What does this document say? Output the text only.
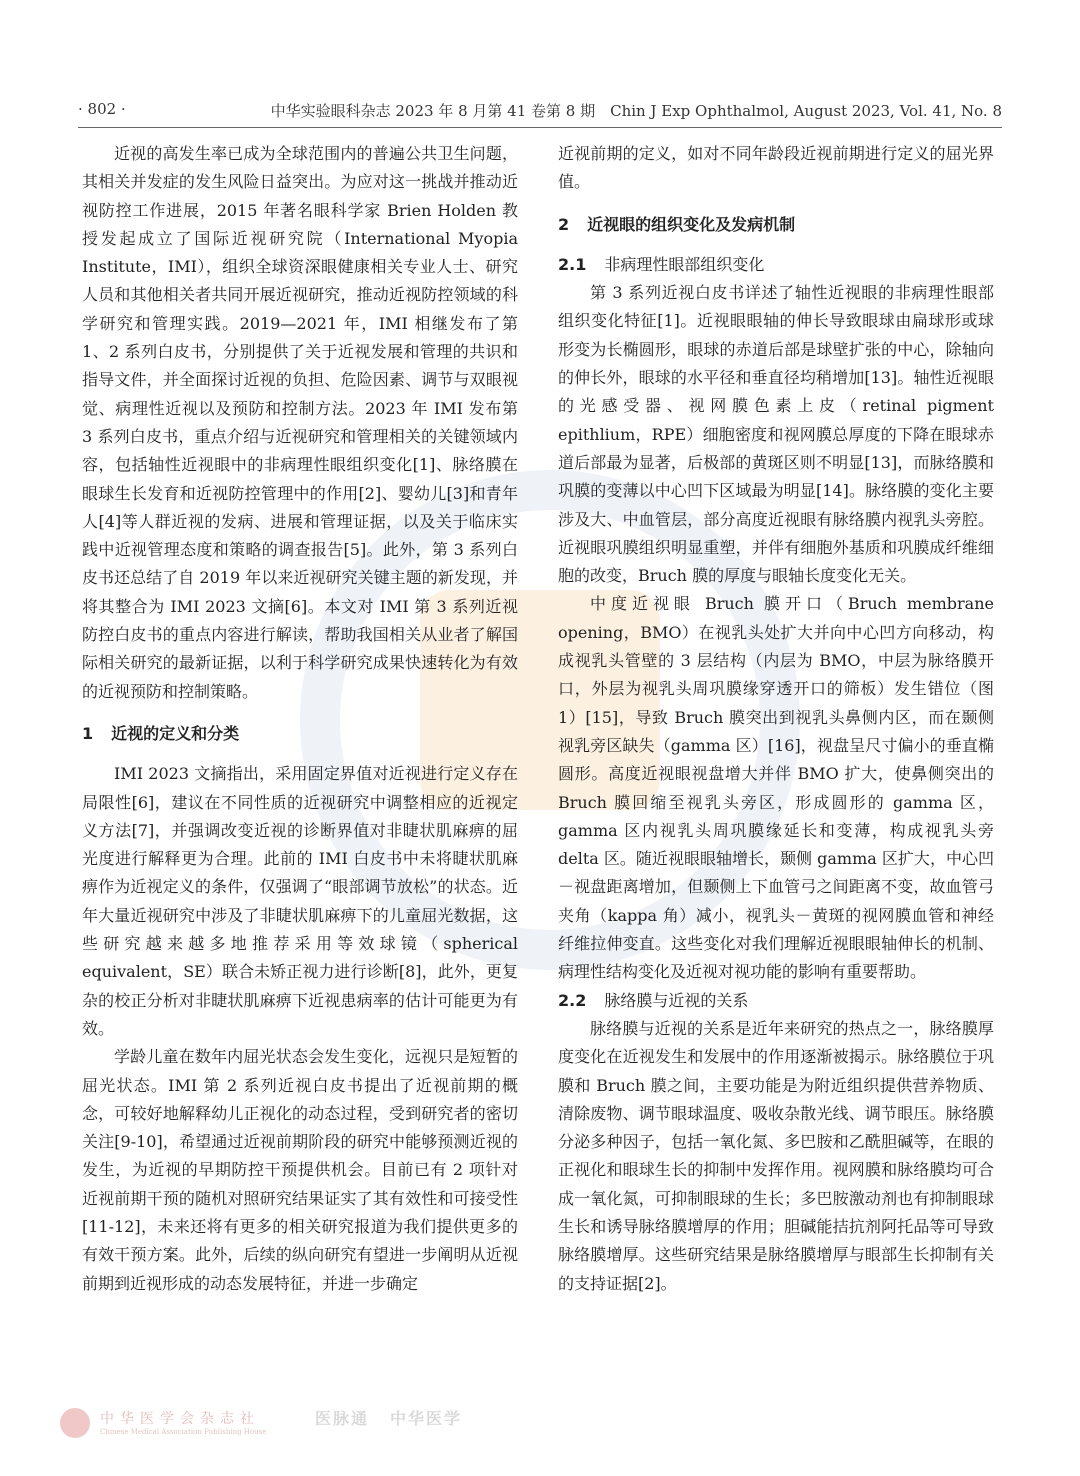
· 802 ·	中华实验眼科杂志 2023 年 8 月第 41 卷第 8 期　Chin J Exp Ophthalmol, August 2023, Vol. 41, No. 8

近视的高发生率已成为全球范围内的普遍公共卫生问题，其相关并发症的发生风险日益突出。为应对这一挑战并推动近视防控工作进展，2015 年著名眼科学家 Brien Holden 教授发起成立了国际近视研究院（International Myopia Institute，IMI），组织全球资深眼健康相关专业人士、研究人员和其他相关者共同开展近视研究，推动近视防控领域的科学研究和管理实践。2019—2021 年，IMI 相继发布了第 1、2 系列白皮书，分别提供了关于近视发展和管理的共识和指导文件，并全面探讨近视的负担、危险因素、调节与双眼视觉、病理性近视以及预防和控制方法。2023 年 IMI 发布第 3 系列白皮书，重点介绍与近视研究和管理相关的关键领域内容，包括轴性近视眼中的非病理性眼组织变化[1]、脉络膜在眼球生长发育和近视防控管理中的作用[2]、婴幼儿[3]和青年人[4]等人群近视的发病、进展和管理证据，以及关于临床实践中近视管理态度和策略的调查报告[5]。此外，第 3 系列白皮书还总结了自 2019 年以来近视研究关键主题的新发现，并将其整合为 IMI 2023 文摘[6]。本文对 IMI 第 3 系列近视防控白皮书的重点内容进行解读，帮助我国相关从业者了解国际相关研究的最新证据，以利于科学研究成果快速转化为有效的近视预防和控制策略。

1 近视的定义和分类

IMI 2023 文摘指出，采用固定界值对近视进行定义存在局限性[6]，建议在不同性质的近视研究中调整相应的近视定义方法[7]，并强调改变近视的诊断界值对非睫状肌麻痹的屈光度进行解释更为合理。此前的 IMI 白皮书中未将睫状肌麻痹作为近视定义的条件，仅强调了“眼部调节放松”的状态。近年大量近视研究中涉及了非睫状肌麻痹下的儿童屈光数据，这些研究越来越多地推荐采用等效球镜（spherical equivalent，SE）联合未矫正视力进行诊断[8]，此外，更复杂的校正分析对非睫状肌麻痹下近视患病率的估计可能更为有效。

学龄儿童在数年内屈光状态会发生变化，远视只是短暂的屈光状态。IMI 第 2 系列近视白皮书提出了近视前期的概念，可较好地解释幼儿正视化的动态过程，受到研究者的密切关注[9-10]，希望通过近视前期阶段的研究中能够预测近视的发生，为近视的早期防控干预提供机会。目前已有 2 项针对近视前期干预的随机对照研究结果证实了其有效性和可接受性[11-12]，未来还将有更多的相关研究报道为我们提供更多的有效干预方案。此外，后续的纵向研究有望进一步阐明从近视前期到近视形成的动态发展特征，并进一步确定

近视前期的定义，如对不同年龄段近视前期进行定义的屈光界值。

2 近视眼的组织变化及发病机制
2.1 非病理性眼部组织变化

第 3 系列近视白皮书详述了轴性近视眼的非病理性眼部组织变化特征[1]。近视眼眼轴的伸长导致眼球由扁球形或球形变为长椭圆形，眼球的赤道后部是球壁扩张的中心，除轴向的伸长外，眼球的水平径和垂直径均稍增加[13]。轴性近视眼的光感受器、视网膜色素上皮（retinal pigment epithlium，RPE）细胞密度和视网膜总厚度的下降在眼球赤道后部最为显著，后极部的黄斑区则不明显[13]，而脉络膜和巩膜的变薄以中心凹下区域最为明显[14]。脉络膜的变化主要涉及大、中血管层，部分高度近视眼有脉络膜内视乳头旁腔。近视眼巩膜组织明显重塑，并伴有细胞外基质和巩膜成纤维细胞的改变，Bruch 膜的厚度与眼轴长度变化无关。

中度近视眼 Bruch 膜开口（Bruch membrane opening，BMO）在视乳头处扩大并向中心凹方向移动，构成视乳头管壁的 3 层结构（内层为 BMO，中层为脉络膜开口，外层为视乳头周巩膜缘穿透开口的筛板）发生错位（图 1）[15]，导致 Bruch 膜突出到视乳头鼻侧内区，而在颞侧视乳旁区缺失（gamma 区）[16]，视盘呈尺寸偏小的垂直椭圆形。高度近视眼视盘增大并伴 BMO 扩大，使鼻侧突出的 Bruch 膜回缩至视乳头旁区，形成圆形的 gamma 区，gamma 区内视乳头周巩膜缘延长和变薄，构成视乳头旁 delta 区。随近视眼眼轴增长，颞侧 gamma 区扩大，中心凹－视盘距离增加，但颞侧上下血管弓之间距离不变，故血管弓夹角（kappa 角）减小，视乳头－黄斑的视网膜血管和神经纤维拉伸变直。这些变化对我们理解近视眼眼轴伸长的机制、病理性结构变化及近视对视功能的影响有重要帮助。

2.2 脉络膜与近视的关系

脉络膜与近视的关系是近年来研究的热点之一，脉络膜厚度变化在近视发生和发展中的作用逐渐被揭示。脉络膜位于巩膜和 Bruch 膜之间，主要功能是为附近组织提供营养物质、清除废物、调节眼球温度、吸收杂散光线、调节眼压。脉络膜分泌多种因子，包括一氧化氮、多巴胺和乙酰胆碱等，在眼的正视化和眼球生长的抑制中发挥作用。视网膜和脉络膜均可合成一氧化氮，可抑制眼球的生长；多巴胺激动剂也有抑制眼球生长和诱导脉络膜增厚的作用；胆碱能拮抗剂阿托品等可导致脉络膜增厚。这些研究结果是脉络膜增厚与眼部生长抑制有关的支持证据[2]。

中华医学会杂志社
Chinese Medical Association Publishing House
医脉通 中华医学
